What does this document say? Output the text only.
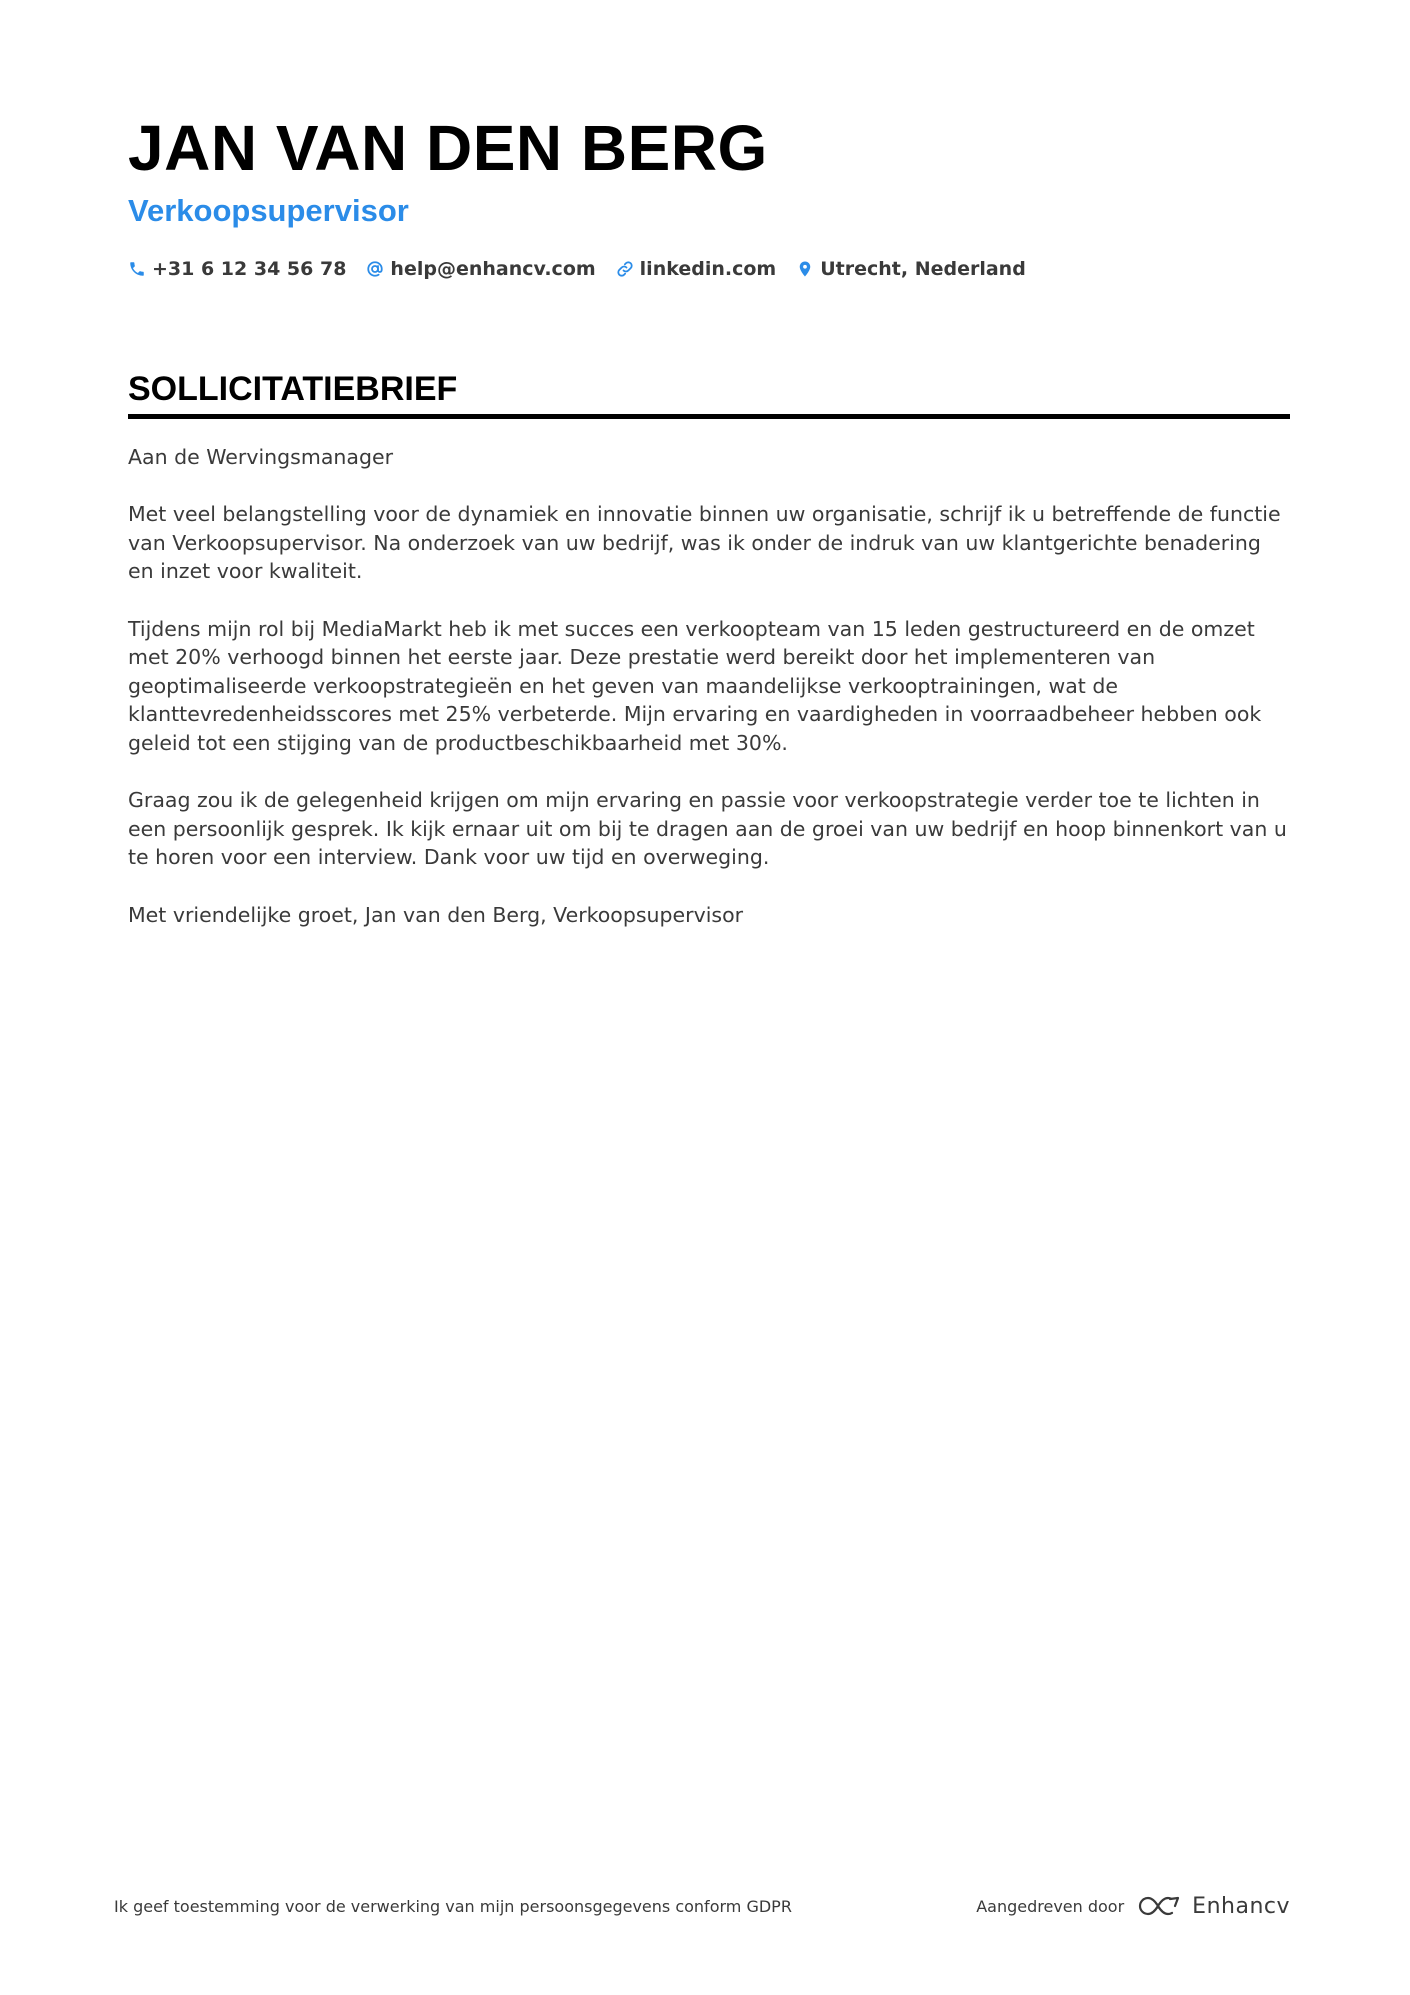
JAN VAN DEN BERG
Verkoopsupervisor
+31 6 12 34 56 78 help@enhancv.com linkedin.com Utrecht, Nederland
SOLLICITATIEBRIEF

Aan de Wervingsmanager

Met veel belangstelling voor de dynamiek en innovatie binnen uw organisatie, schrijf ik u betreffende de functie van Verkoopsupervisor. Na onderzoek van uw bedrijf, was ik onder de indruk van uw klantgerichte benadering en inzet voor kwaliteit.

Tijdens mijn rol bij MediaMarkt heb ik met succes een verkoopteam van 15 leden gestructureerd en de omzet met 20% verhoogd binnen het eerste jaar. Deze prestatie werd bereikt door het implementeren van geoptimaliseerde verkoopstrategieën en het geven van maandelijkse verkooptrainingen, wat de klanttevredenheidsscores met 25% verbeterde. Mijn ervaring en vaardigheden in voorraadbeheer hebben ook geleid tot een stijging van de productbeschikbaarheid met 30%.

Graag zou ik de gelegenheid krijgen om mijn ervaring en passie voor verkoopstrategie verder toe te lichten in een persoonlijk gesprek. Ik kijk ernaar uit om bij te dragen aan de groei van uw bedrijf en hoop binnenkort van u te horen voor een interview. Dank voor uw tijd en overweging.

Met vriendelijke groet, Jan van den Berg, Verkoopsupervisor

Ik geef toestemming voor de verwerking van mijn persoonsgegevens conform GDPR	Aangedreven door	Enhancv
